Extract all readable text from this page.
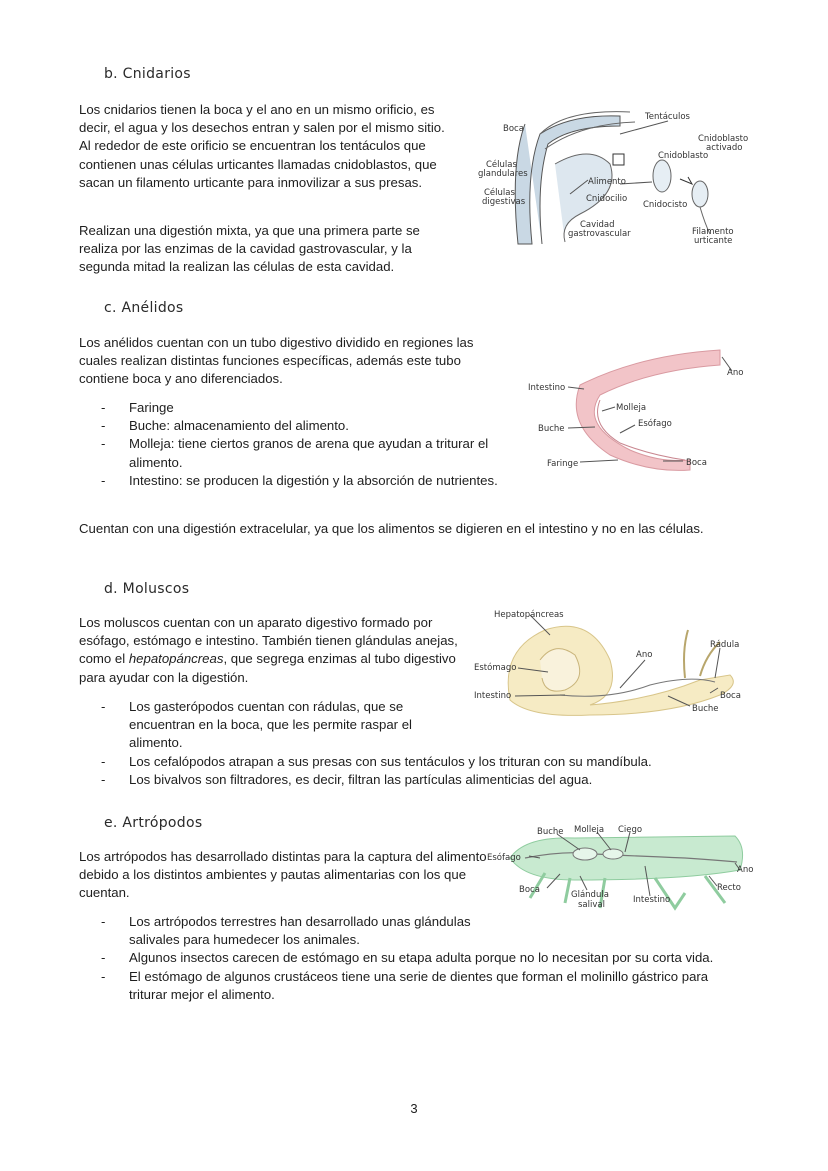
b. Cnidarios

Los cnidarios tienen la boca y el ano en un mismo orificio, es decir, el agua y los desechos entran y salen por el mismo sitio. Al rededor de este orificio se encuentran los tentáculos que contienen unas células urticantes llamadas cnidoblastos, que sacan un filamento urticante para inmovilizar a sus presas.

Realizan una digestión mixta, ya que una primera parte se realiza por las enzimas de la cavidad gastrovascular, y la segunda mitad la realizan las células de esta cavidad.

Boca
Tentáculos
Cnidoblasto
activado
Cnidoblasto
Células
glandulares
Alimento
Células
digestivas	Cnidocilio
Cnidocisto
Cavidad
gastrovascular	Filamento
urticante
c. Anélidos

Los anélidos cuentan con un tubo digestivo dividido en regiones las cuales realizan distintas funciones específicas, además este tubo contiene boca y ano diferenciados.

- Faringe
- Buche: almacenamiento del alimento.
- Molleja: tiene ciertos granos de arena que ayudan a triturar el alimento.
- Intestino: se producen la digestión y la absorción de nutrientes.

Cuentan con una digestión extracelular, ya que los alimentos se digieren en el intestino y no en las células.

Ano
Intestino
Molleja
Esófago
Buche
Faringe	Boca
d. Moluscos

Los moluscos cuentan con un aparato digestivo formado por esófago, estómago e intestino. También tienen glándulas anejas, como el hepatopáncreas, que segrega enzimas al tubo digestivo para ayudar con la digestión.

- Los gasterópodos cuentan con rádulas, que se encuentran en la boca, que les permite raspar el alimento.
- Los cefalópodos atrapan a sus presas con sus tentáculos y los trituran con su mandíbula.
- Los bivalvos son filtradores, es decir, filtran las partículas alimenticias del agua.
Hepatopáncreas
Estómago
Ano
Rádula
Intestino	Boca
Buche
e. Artrópodos

Los artrópodos has desarrollado distintas para la captura del alimento debido a los distintos ambientes y pautas alimentarias con los que cuentan.

- Los artrópodos terrestres han desarrollado unas glándulas salivales para humedecer los animales.
- Algunos insectos carecen de estómago en su etapa adulta porque no lo necesitan por su corta vida.
- El estómago de algunos crustáceos tiene una serie de dientes que forman el molinillo gástrico para triturar mejor el alimento.
Buche Molleja Ciego
Esófago
Ano
Boca	Recto
Glándula
salival	Intestino
3
